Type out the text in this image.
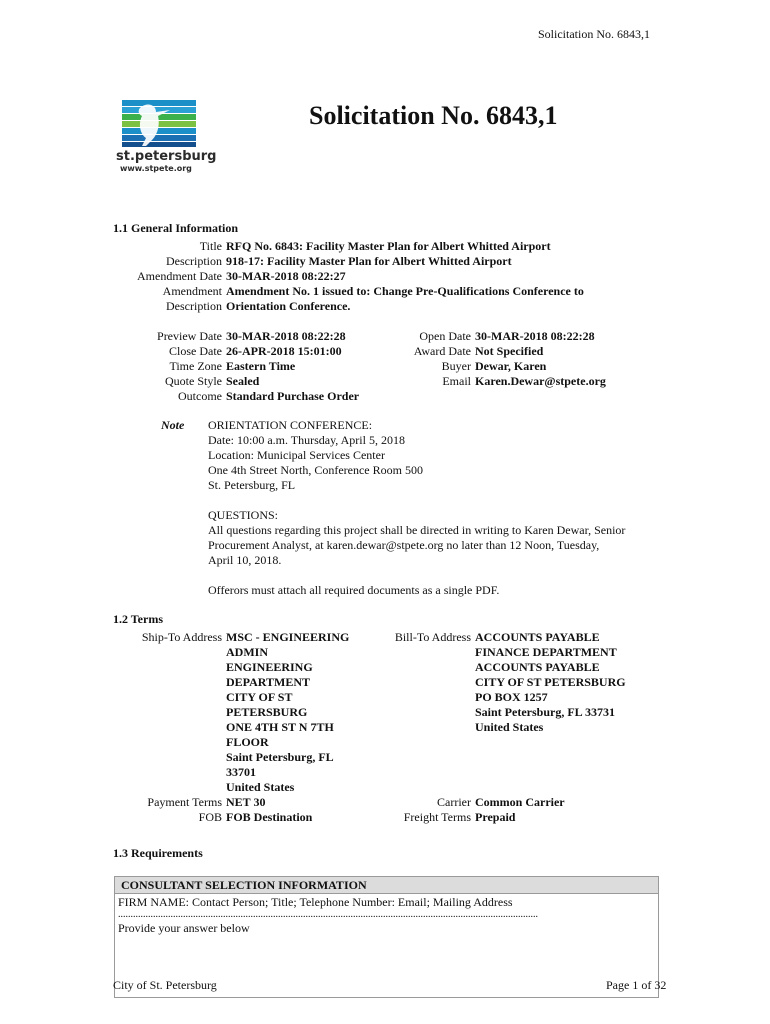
Solicitation No. 6843,1
st.petersburg
www.stpete.org
Solicitation No. 6843,1
1.1 General Information
Title RFQ No. 6843: Facility Master Plan for Albert Whitted Airport
Description 918-17: Facility Master Plan for Albert Whitted Airport
Amendment Date 30-MAR-2018 08:22:27
Amendment Amendment No. 1 issued to: Change Pre-Qualifications Conference to
Description Orientation Conference.
Preview Date 30-MAR-2018 08:22:28
Close Date 26-APR-2018 15:01:00
Time Zone Eastern Time
Quote Style Sealed
Outcome Standard Purchase Order
Open Date 30-MAR-2018 08:22:28
Award Date Not Specified
Buyer Dewar, Karen
Email Karen.Dewar@stpete.org
Note ORIENTATION CONFERENCE:

Date: 10:00 a.m. Thursday, April 5, 2018

Location: Municipal Services Center

One 4th Street North, Conference Room 500

St. Petersburg, FL

QUESTIONS:

All questions regarding this project shall be directed in writing to Karen Dewar, Senior

Procurement Analyst, at karen.dewar@stpete.org no later than 12 Noon, Tuesday,

April 10, 2018.

Offerors must attach all required documents as a single PDF.

1.2 Terms
Ship-To Address MSC - ENGINEERING
ADMIN
ENGINEERING
DEPARTMENT
CITY OF ST
PETERSBURG
ONE 4TH ST N 7TH
FLOOR
Saint Petersburg, FL
33701
United States
Bill-To Address ACCOUNTS PAYABLE
FINANCE DEPARTMENT
ACCOUNTS PAYABLE
CITY OF ST PETERSBURG
PO BOX 1257
Saint Petersburg, FL 33731
United States
Payment Terms NET 30
FOB FOB Destination
Carrier Common Carrier
Freight Terms Prepaid
1.3 Requirements
CONSULTANT SELECTION INFORMATION
FIRM NAME: Contact Person; Title; Telephone Number: Email; Mailing Address
........................................................................................................................................................................
Provide your answer below
City of St. Petersburg	Page 1 of 32
